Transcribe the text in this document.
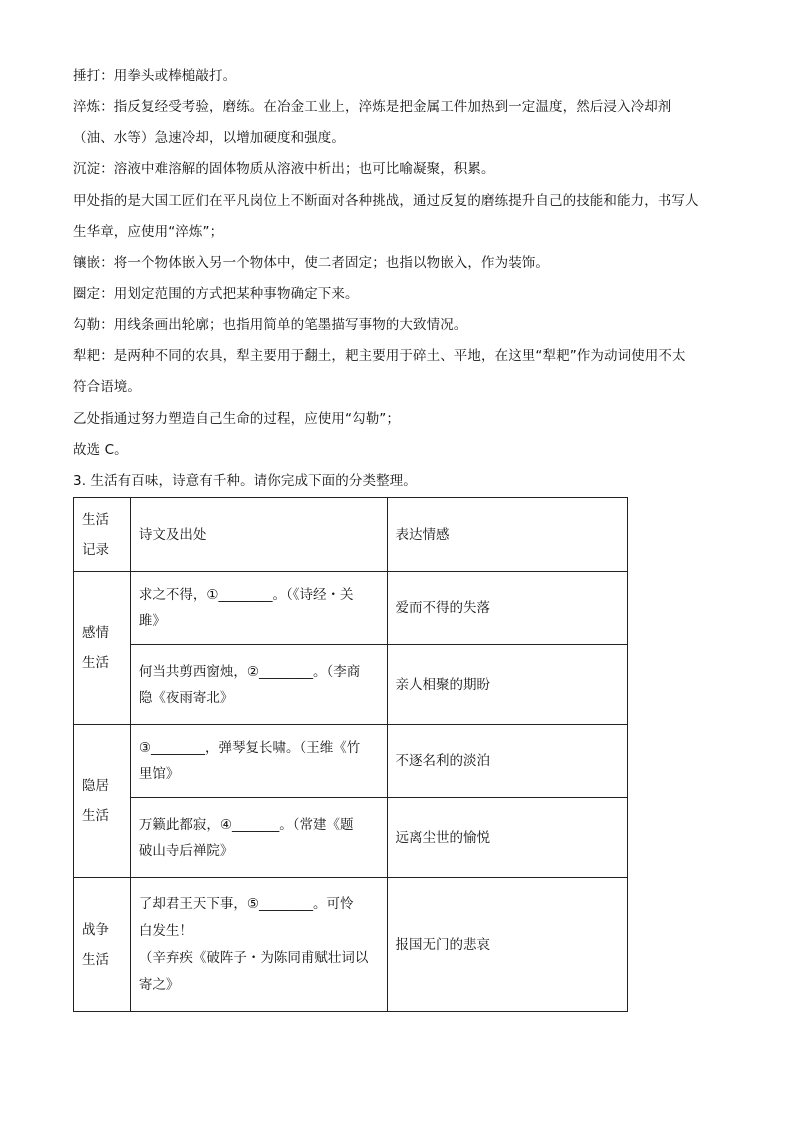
捶打：用拳头或棒槌敲打。
淬炼：指反复经受考验，磨练。在冶金工业上，淬炼是把金属工件加热到一定温度，然后浸入冷却剂
（油、水等）急速冷却，以增加硬度和强度。
沉淀：溶液中难溶解的固体物质从溶液中析出；也可比喻凝聚，积累。
甲处指的是大国工匠们在平凡岗位上不断面对各种挑战，通过反复的磨练提升自己的技能和能力，书写人
生华章，应使用“淬炼”；
镶嵌：将一个物体嵌入另一个物体中，使二者固定；也指以物嵌入，作为装饰。
圈定：用划定范围的方式把某种事物确定下来。
勾勒：用线条画出轮廓；也指用简单的笔墨描写事物的大致情况。
犁耙：是两种不同的农具，犁主要用于翻土，耙主要用于碎土、平地，在这里“犁耙”作为动词使用不太
符合语境。
乙处指通过努力塑造自己生命的过程，应使用“勾勒”；
故选 C。
3. 生活有百味，诗意有千种。请你完成下面的分类整理。
生活
记录	诗文及出处	表达情感

感情
生活	求之不得，①________。（《诗经・关
雎》	爱而不得的失落

	何当共剪西窗烛，②________。（李商
隐《夜雨寄北》	亲人相聚的期盼

隐居
生活	③________，弹琴复长啸。（王维《竹
里馆》	不逐名利的淡泊

	万籁此都寂，④_______。（常建《题
破山寺后禅院》	远离尘世的愉悦

战争
生活	了却君王天下事，⑤________。可怜
白发生！
（辛弃疾《破阵子・为陈同甫赋壮词以
寄之》	报国无门的悲哀
